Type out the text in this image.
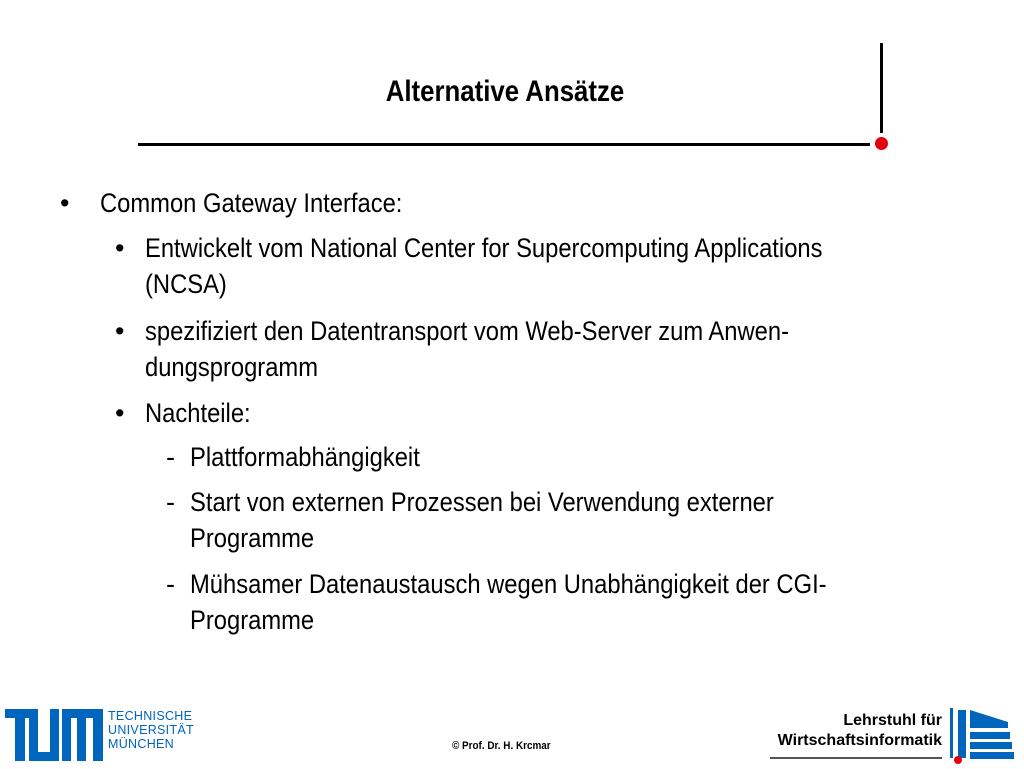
Alternative Ansätze
• Common Gateway Interface:
• Entwickelt vom National Center for Supercomputing Applications
(NCSA)
• spezifiziert den Datentransport vom Web-Server zum Anwen-
dungsprogramm
• Nachteile:
- Plattformabhängigkeit
- Start von externen Prozessen bei Verwendung externer
Programme
- Mühsamer Datenaustausch wegen Unabhängigkeit der CGI-
Programme
TECHNISCHE
UNIVERSITÄT
MÜNCHEN	© Prof. Dr. H. Krcmar
Lehrstuhl für
Wirtschaftsinformatik
